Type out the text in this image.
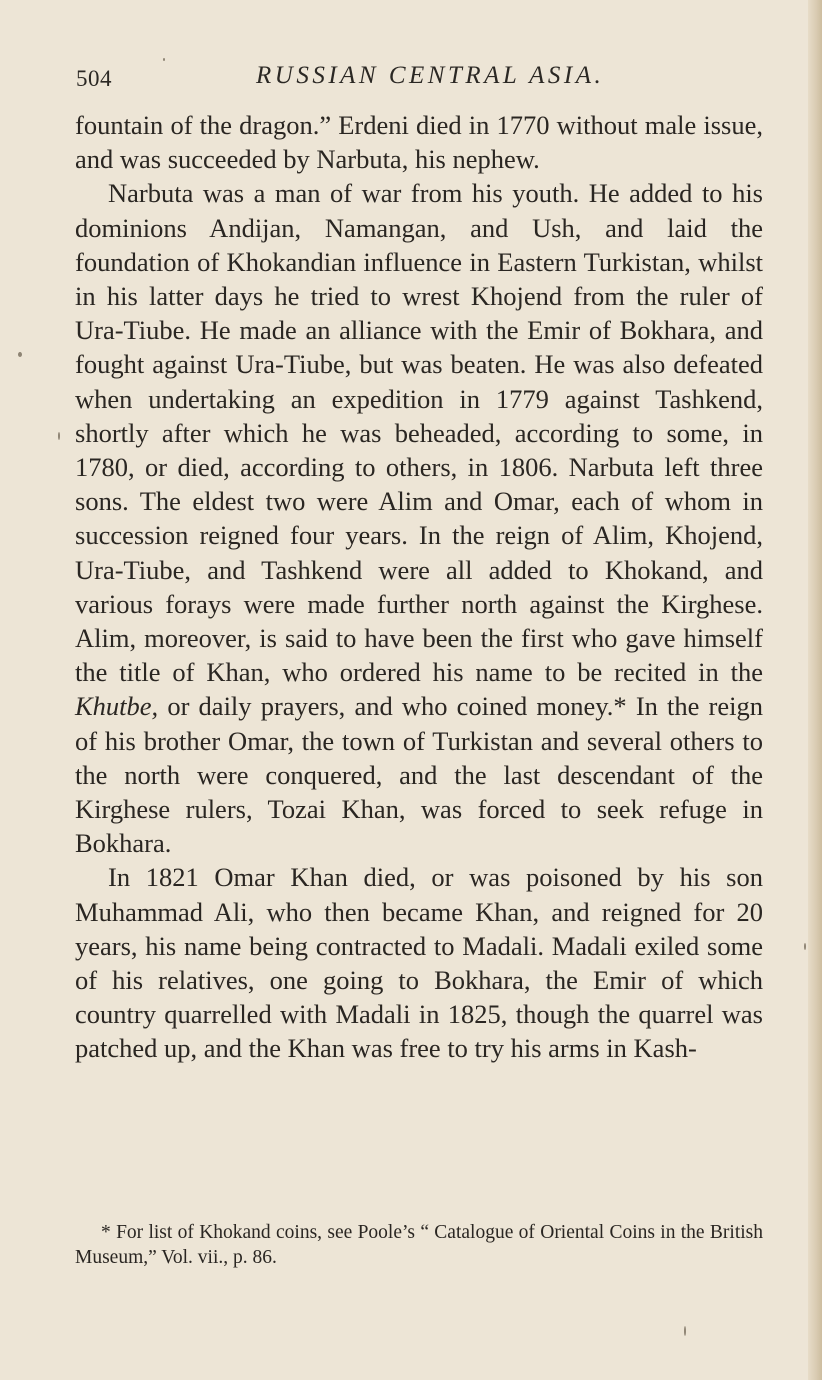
504	RUSSIAN CENTRAL ASIA.

fountain of the dragon.” Erdeni died in 1770 without male issue, and was succeeded by Narbuta, his nephew.

Narbuta was a man of war from his youth. He added to his dominions Andijan, Namangan, and Ush, and laid the foundation of Khokandian influence in Eastern Turkistan, whilst in his latter days he tried to wrest Khojend from the ruler of Ura-Tiube. He made an alliance with the Emir of Bokhara, and fought against Ura-Tiube, but was beaten. He was also defeated when undertaking an expedition in 1779 against Tashkend, shortly after which he was beheaded, according to some, in 1780, or died, according to others, in 1806. Narbuta left three sons. The eldest two were Alim and Omar, each of whom in succession reigned four years. In the reign of Alim, Khojend, Ura-Tiube, and Tashkend were all added to Khokand, and various forays were made further north against the Kirghese. Alim, moreover, is said to have been the first who gave himself the title of Khan, who ordered his name to be recited in the Khutbe, or daily prayers, and who coined money.* In the reign of his brother Omar, the town of Turkistan and several others to the north were conquered, and the last descendant of the Kirghese rulers, Tozai Khan, was forced to seek refuge in Bokhara.

In 1821 Omar Khan died, or was poisoned by his son Muhammad Ali, who then became Khan, and reigned for 20 years, his name being contracted to Madali. Madali exiled some of his relatives, one going to Bokhara, the Emir of which country quarrelled with Madali in 1825, though the quarrel was patched up, and the Khan was free to try his arms in Kash-

* For list of Khokand coins, see Poole’s “ Catalogue of Oriental Coins in the British Museum,” Vol. vii., p. 86.
